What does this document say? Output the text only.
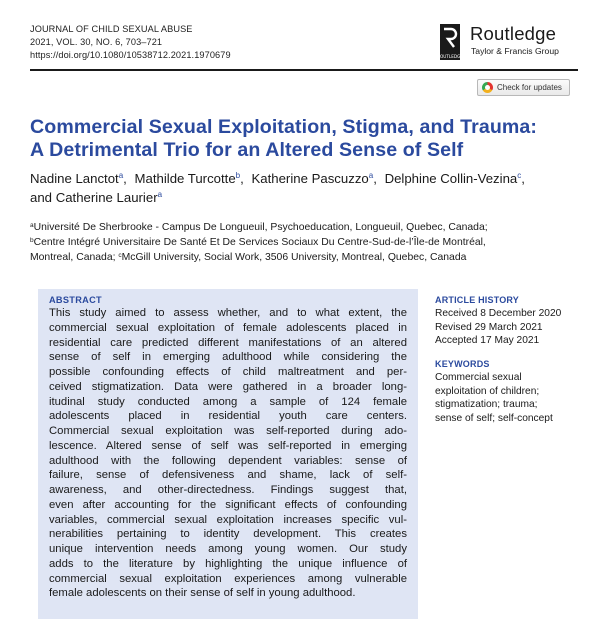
JOURNAL OF CHILD SEXUAL ABUSE
2021, VOL. 30, NO. 6, 703–721
https://doi.org/10.1080/10538712.2021.1970679	ROUTLEDGE
Routledge
Taylor & Francis Group
Check for updates
Commercial Sexual Exploitation, Stigma, and Trauma:
A Detrimental Trio for an Altered Sense of Self
Nadine Lanctot$^a$, Mathilde Turcotte$^b$, Katherine Pascuzzo$^a$, Delphine Collin-Vezina$^c$,
and Catherine Laurier$^a$
$^a$Université De Sherbrooke - Campus De Longueuil, Psychoeducation, Longueuil, Quebec, Canada;
$^b$Centre Intégré Universitaire De Santé Et De Services Sociaux Du Centre-Sud-de-l’Île-de Montréal,
Montreal, Canada; $^c$McGill University, Social Work, 3506 University, Montreal, Quebec, Canada
ABSTRACT
This study aimed to assess whether, and to what extent, the
commercial sexual exploitation of female adolescents placed in
residential care predicted different manifestations of an altered
sense of self in emerging adulthood while considering the
possible confounding effects of child maltreatment and per-
ceived stigmatization. Data were gathered in a broader long-
itudinal study conducted among a sample of 124 female
adolescents placed in residential youth care centers.
Commercial sexual exploitation was self-reported during ado-
lescence. Altered sense of self was self-reported in emerging
adulthood with the following dependent variables: sense of
failure, sense of defensiveness and shame, lack of self-
awareness, and other-directedness. Findings suggest that,
even after accounting for the significant effects of confounding
variables, commercial sexual exploitation increases specific vul-
nerabilities pertaining to identity development. This creates
unique intervention needs among young women. Our study
adds to the literature by highlighting the unique influence of
commercial sexual exploitation experiences among vulnerable
female adolescents on their sense of self in young adulthood.
ARTICLE HISTORY
Received 8 December 2020
Revised 29 March 2021
Accepted 17 May 2021
KEYWORDS
Commercial sexual
exploitation of children;
stigmatization; trauma;
sense of self; self-concept
